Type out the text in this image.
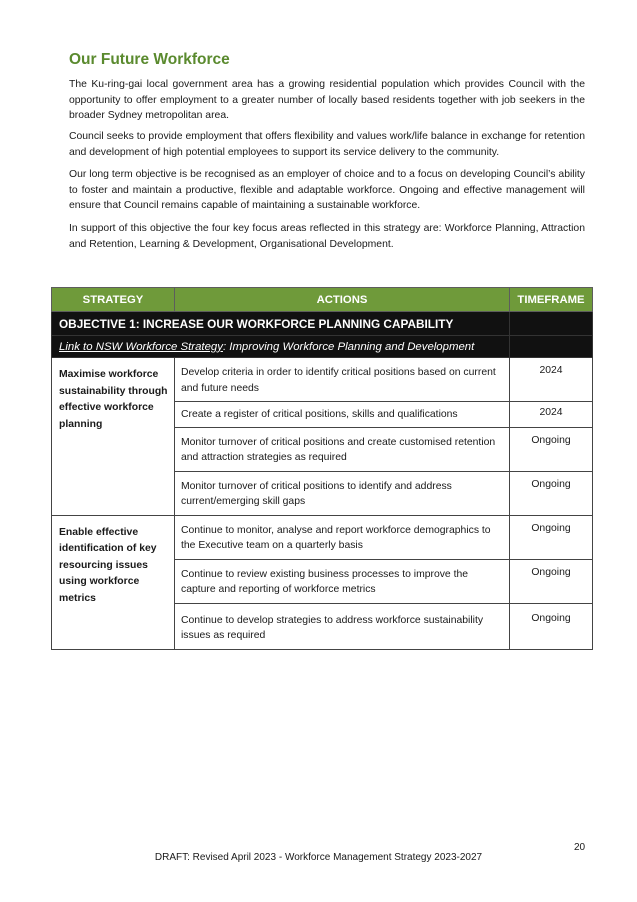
Our Future Workforce

The Ku-ring-gai local government area has a growing residential population which provides Council with the opportunity to offer employment to a greater number of locally based residents together with job seekers in the broader Sydney metropolitan area.

Council seeks to provide employment that offers flexibility and values work/life balance in exchange for retention and development of high potential employees to support its service delivery to the community.

Our long term objective is be recognised as an employer of choice and to a focus on developing Council’s ability to foster and maintain a productive, flexible and adaptable workforce. Ongoing and effective management will ensure that Council remains capable of maintaining a sustainable workforce.

In support of this objective the four key focus areas reflected in this strategy are: Workforce Planning, Attraction and Retention, Learning & Development, Organisational Development.

STRATEGY	ACTIONS	TIMEFRAME
OBJECTIVE 1: INCREASE OUR WORKFORCE PLANNING CAPABILITY		
Link to NSW Workforce Strategy: Improving Workforce Planning and Development		
Maximise workforce sustainability through effective workforce planning	Develop criteria in order to identify critical positions based on current and future needs	2024
	Create a register of critical positions, skills and qualifications	2024
	Monitor turnover of critical positions and create customised retention and attraction strategies as required	Ongoing
	Monitor turnover of critical positions to identify and address current/emerging skill gaps	Ongoing
Enable effective identification of key resourcing issues using workforce metrics	Continue to monitor, analyse and report workforce demographics to the Executive team on a quarterly basis	Ongoing
	Continue to review existing business processes to improve the capture and reporting of workforce metrics	Ongoing
	Continue to develop strategies to address workforce sustainability issues as required	Ongoing

20

DRAFT: Revised April 2023 - Workforce Management Strategy 2023-2027
